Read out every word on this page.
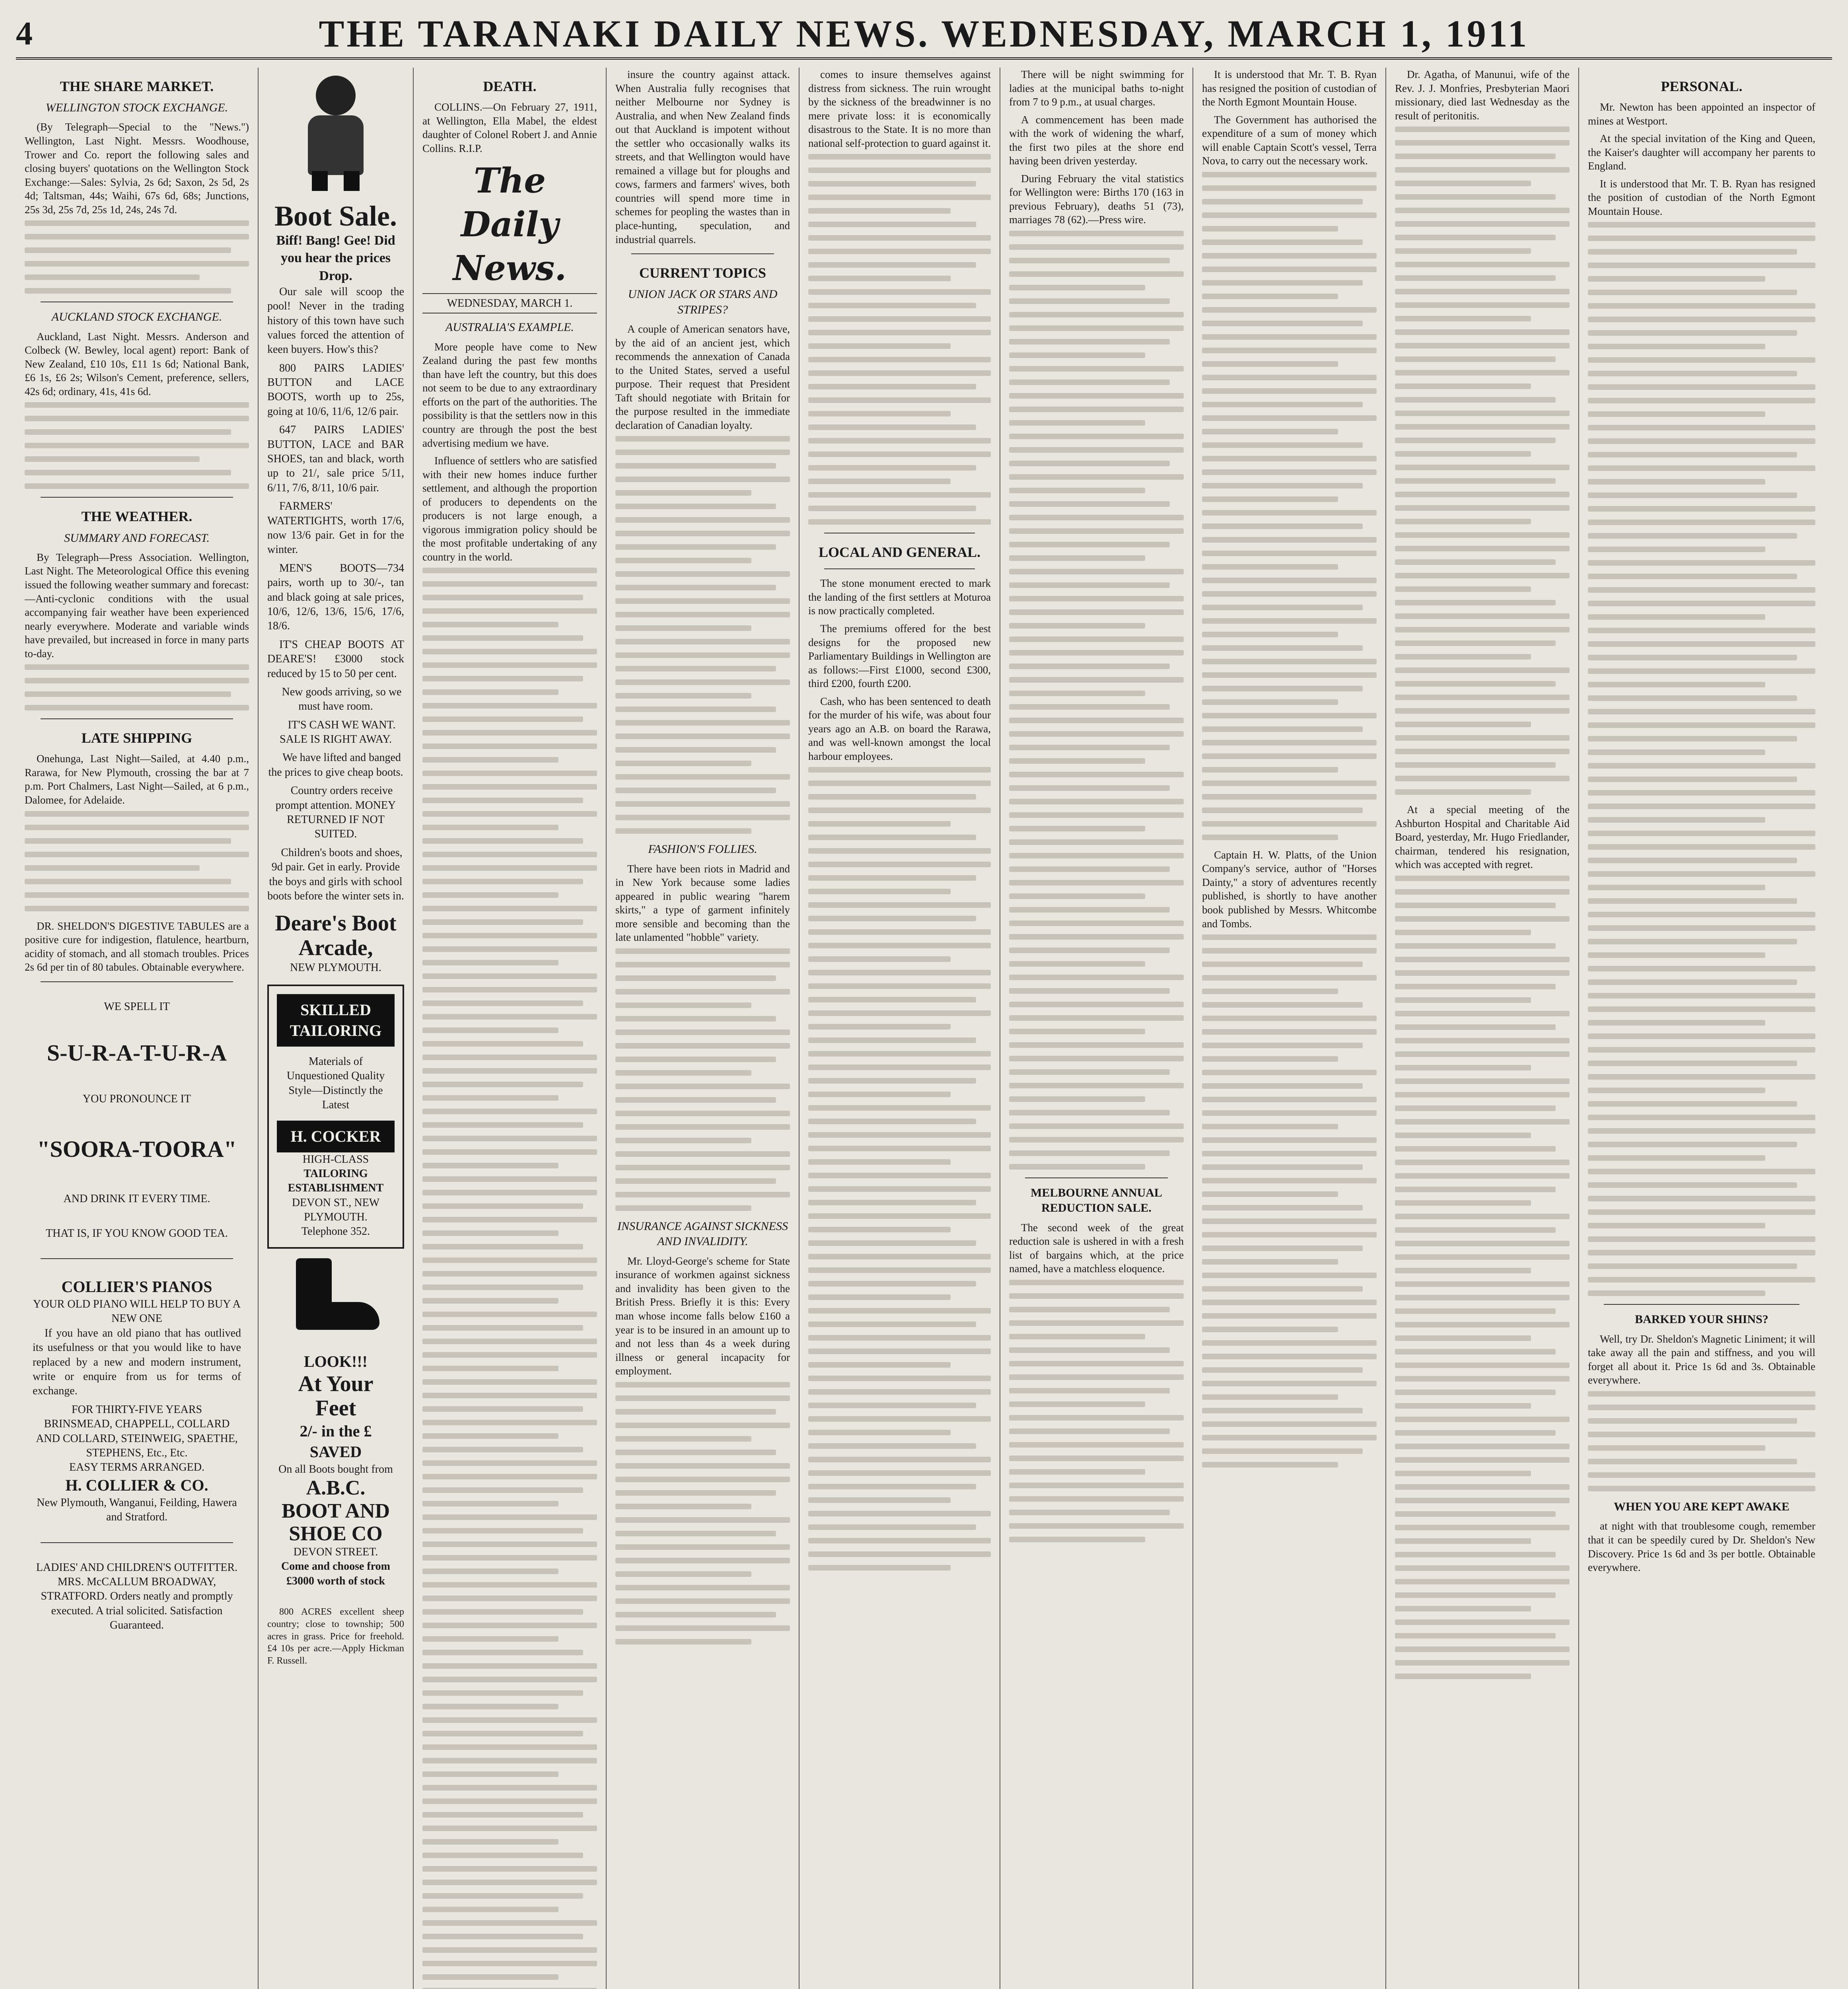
4	THE TARANAKI DAILY NEWS. WEDNESDAY, MARCH 1, 1911
THE SHARE MARKET.
WELLINGTON STOCK EXCHANGE.

(By Telegraph—Special to the "News.") Wellington, Last Night. Messrs. Woodhouse, Trower and Co. report the following sales and closing buyers' quotations on the Wellington Stock Exchange:—Sales: Sylvia, 2s 6d; Saxon, 2s 5d, 2s 4d; Taltsman, 44s; Waihi, 67s 6d, 68s; Junctions, 25s 3d, 25s 7d, 25s 1d, 24s, 24s 7d.

AUCKLAND STOCK EXCHANGE.

Auckland, Last Night. Messrs. Anderson and Colbeck (W. Bewley, local agent) report: Bank of New Zealand, £10 10s, £11 1s 6d; National Bank, £6 1s, £6 2s; Wilson's Cement, preference, sellers, 42s 6d; ordinary, 41s, 41s 6d.

THE WEATHER.
SUMMARY AND FORECAST.

By Telegraph—Press Association. Wellington, Last Night. The Meteorological Office this evening issued the following weather summary and forecast:—Anti-cyclonic conditions with the usual accompanying fair weather have been experienced nearly everywhere. Moderate and variable winds have prevailed, but increased in force in many parts to-day.

LATE SHIPPING

Onehunga, Last Night—Sailed, at 4.40 p.m., Rarawa, for New Plymouth, crossing the bar at 7 p.m. Port Chalmers, Last Night—Sailed, at 6 p.m., Dalomee, for Adelaide.

DR. SHELDON'S DIGESTIVE TABULES are a positive cure for indigestion, flatulence, heartburn, acidity of stomach, and all stomach troubles. Prices 2s 6d per tin of 80 tabules. Obtainable everywhere.

WE SPELL IT
S-U-R-A-T-U-R-A
YOU PRONOUNCE IT
"SOORA-TOORA"
AND DRINK IT EVERY TIME.
THAT IS, IF YOU KNOW GOOD TEA.
COLLIER'S PIANOS
YOUR OLD PIANO WILL HELP TO BUY A NEW ONE

If you have an old piano that has outlived its usefulness or that you would like to have replaced by a new and modern instrument, write or enquire from us for terms of exchange.

FOR THIRTY-FIVE YEARS
BRINSMEAD, CHAPPELL, COLLARD AND COLLARD, STEINWEIG, SPAETHE, STEPHENS, Etc., Etc.
EASY TERMS ARRANGED.
H. COLLIER & CO.
New Plymouth, Wanganui, Feilding, Hawera and Stratford.
LADIES' AND CHILDREN'S OUTFITTER.
MRS. McCALLUM BROADWAY, STRATFORD. Orders neatly and promptly executed. A trial solicited. Satisfaction Guaranteed.
Boot Sale.
Biff! Bang! Gee! Did you hear the prices Drop.

Our sale will scoop the pool! Never in the trading history of this town have such values forced the attention of keen buyers. How's this?

800 PAIRS LADIES' BUTTON and LACE BOOTS, worth up to 25s, going at 10/6, 11/6, 12/6 pair.

647 PAIRS LADIES' BUTTON, LACE and BAR SHOES, tan and black, worth up to 21/, sale price 5/11, 6/11, 7/6, 8/11, 10/6 pair.

FARMERS' WATERTIGHTS, worth 17/6, now 13/6 pair. Get in for the winter.

MEN'S BOOTS—734 pairs, worth up to 30/-, tan and black going at sale prices, 10/6, 12/6, 13/6, 15/6, 17/6, 18/6.

IT'S CHEAP BOOTS AT DEARE'S! £3000 stock reduced by 15 to 50 per cent.

New goods arriving, so we must have room.

IT'S CASH WE WANT. SALE IS RIGHT AWAY.

We have lifted and banged the prices to give cheap boots.

Country orders receive prompt attention. MONEY RETURNED IF NOT SUITED.

Children's boots and shoes, 9d pair. Get in early. Provide the boys and girls with school boots before the winter sets in.

Deare's Boot Arcade,
NEW PLYMOUTH.
SKILLED TAILORING
Materials of Unquestioned Quality Style—Distinctly the Latest
H. COCKER
HIGH-CLASS
TAILORING ESTABLISHMENT
DEVON ST., NEW PLYMOUTH.
Telephone 352.
LOOK!!!
At Your Feet
2/- in the £ SAVED
On all Boots bought from
A.B.C. BOOT AND SHOE CO
DEVON STREET.
Come and choose from £3000 worth of stock

800 ACRES excellent sheep country; close to township; 500 acres in grass. Price for freehold. £4 10s per acre.—Apply Hickman F. Russell.

DEATH.

COLLINS.—On February 27, 1911, at Wellington, Ella Mabel, the eldest daughter of Colonel Robert J. and Annie Collins. R.I.P.

The Daily News.
WEDNESDAY, MARCH 1.
AUSTRALIA'S EXAMPLE.

More people have come to New Zealand during the past few months than have left the country, but this does not seem to be due to any extraordinary efforts on the part of the authorities. The possibility is that the settlers now in this country are through the post the best advertising medium we have.

Influence of settlers who are satisfied with their new homes induce further settlement, and although the proportion of producers to dependents on the producers is not large enough, a vigorous immigration policy should be the most profitable undertaking of any country in the world.

insure the country against attack. When Australia fully recognises that neither Melbourne nor Sydney is Australia, and when New Zealand finds out that Auckland is impotent without the settler who occasionally walks its streets, and that Wellington would have remained a village but for ploughs and cows, farmers and farmers' wives, both countries will spend more time in schemes for peopling the wastes than in place-hunting, speculation, and industrial quarrels.

CURRENT TOPICS
UNION JACK OR STARS AND STRIPES?

A couple of American senators have, by the aid of an ancient jest, which recommends the annexation of Canada to the United States, served a useful purpose. Their request that President Taft should negotiate with Britain for the purpose resulted in the immediate declaration of Canadian loyalty.

FASHION'S FOLLIES.

There have been riots in Madrid and in New York because some ladies appeared in public wearing "harem skirts," a type of garment infinitely more sensible and becoming than the late unlamented "hobble" variety.

INSURANCE AGAINST SICKNESS AND INVALIDITY.

Mr. Lloyd-George's scheme for State insurance of workmen against sickness and invalidity has been given to the British Press. Briefly it is this: Every man whose income falls below £160 a year is to be insured in an amount up to and not less than 4s a week during illness or general incapacity for employment.

comes to insure themselves against distress from sickness. The ruin wrought by the sickness of the breadwinner is no mere private loss: it is economically disastrous to the State. It is no more than national self-protection to guard against it.

LOCAL AND GENERAL.

The stone monument erected to mark the landing of the first settlers at Moturoa is now practically completed.

The premiums offered for the best designs for the proposed new Parliamentary Buildings in Wellington are as follows:—First £1000, second £300, third £200, fourth £200.

Cash, who has been sentenced to death for the murder of his wife, was about four years ago an A.B. on board the Rarawa, and was well-known amongst the local harbour employees.

There will be night swimming for ladies at the municipal baths to-night from 7 to 9 p.m., at usual charges.

A commencement has been made with the work of widening the wharf, the first two piles at the shore end having been driven yesterday.

During February the vital statistics for Wellington were: Births 170 (163 in previous February), deaths 51 (73), marriages 78 (62).—Press wire.

MELBOURNE ANNUAL REDUCTION SALE.

The second week of the great reduction sale is ushered in with a fresh list of bargains which, at the price named, have a matchless eloquence.

It is understood that Mr. T. B. Ryan has resigned the position of custodian of the North Egmont Mountain House.

The Government has authorised the expenditure of a sum of money which will enable Captain Scott's vessel, Terra Nova, to carry out the necessary work.

Captain H. W. Platts, of the Union Company's service, author of "Horses Dainty," a story of adventures recently published, is shortly to have another book published by Messrs. Whitcombe and Tombs.

Dr. Agatha, of Manunui, wife of the Rev. J. J. Monfries, Presbyterian Maori missionary, died last Wednesday as the result of peritonitis.

At a special meeting of the Ashburton Hospital and Charitable Aid Board, yesterday, Mr. Hugo Friedlander, chairman, tendered his resignation, which was accepted with regret.

PERSONAL.

Mr. Newton has been appointed an inspector of mines at Westport.

At the special invitation of the King and Queen, the Kaiser's daughter will accompany her parents to England.

It is understood that Mr. T. B. Ryan has resigned the position of custodian of the North Egmont Mountain House.

BARKED YOUR SHINS?

Well, try Dr. Sheldon's Magnetic Liniment; it will take away all the pain and stiffness, and you will forget all about it. Price 1s 6d and 3s. Obtainable everywhere.

WHEN YOU ARE KEPT AWAKE

at night with that troublesome cough, remember that it can be speedily cured by Dr. Sheldon's New Discovery. Price 1s 6d and 3s per bottle. Obtainable everywhere.
